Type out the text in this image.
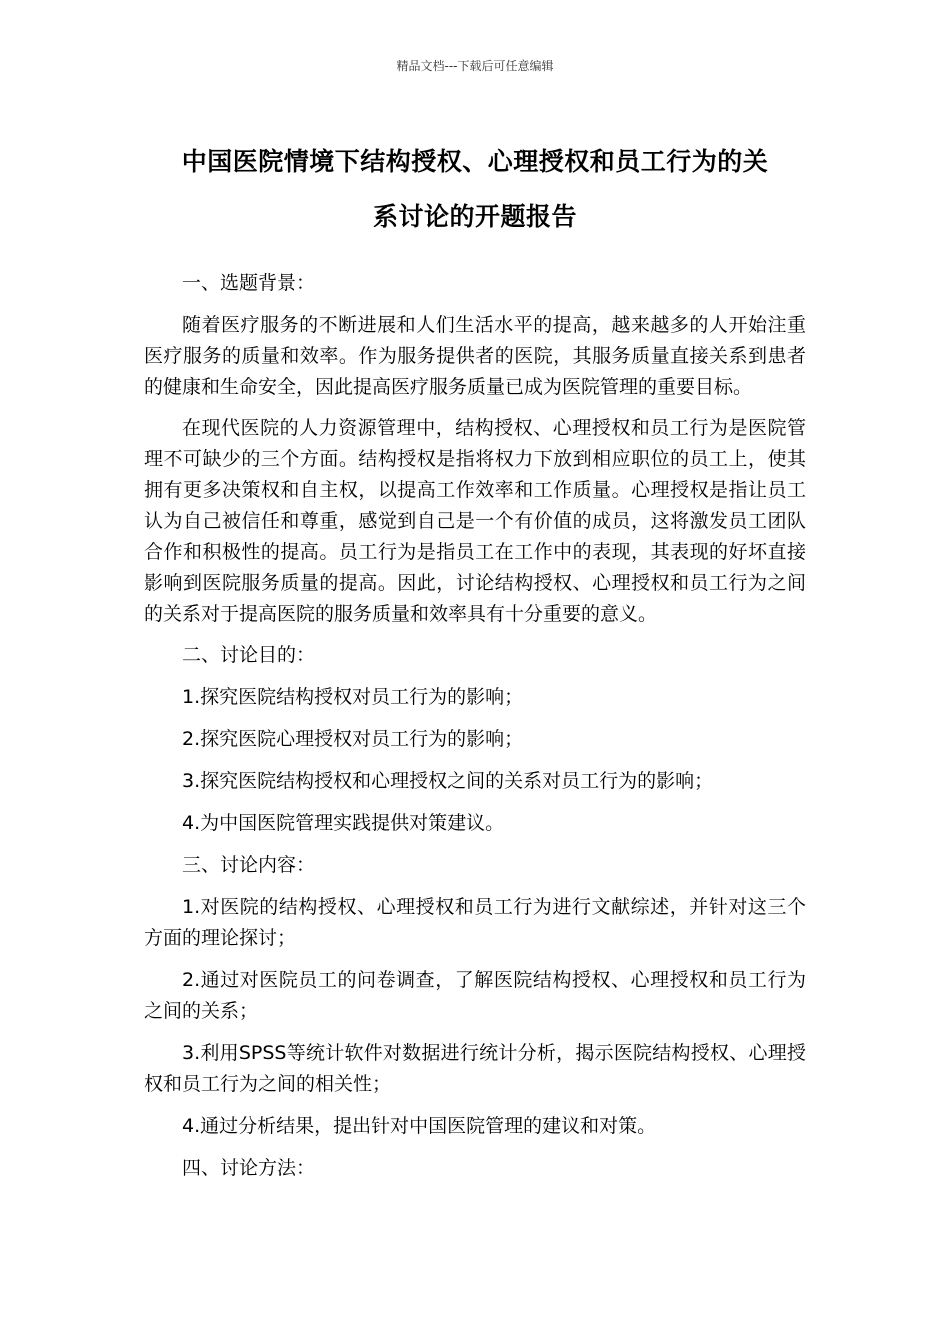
精品文档---下载后可任意编辑
中国医院情境下结构授权、心理授权和员工行为的关
系讨论的开题报告

一、选题背景：

随着医疗服务的不断进展和人们生活水平的提高，越来越多的人开始注重医疗服务的质量和效率。作为服务提供者的医院，其服务质量直接关系到患者的健康和生命安全，因此提高医疗服务质量已成为医院管理的重要目标。

在现代医院的人力资源管理中，结构授权、心理授权和员工行为是医院管理不可缺少的三个方面。结构授权是指将权力下放到相应职位的员工上，使其拥有更多决策权和自主权，以提高工作效率和工作质量。心理授权是指让员工认为自己被信任和尊重，感觉到自己是一个有价值的成员，这将激发员工团队合作和积极性的提高。员工行为是指员工在工作中的表现，其表现的好坏直接影响到医院服务质量的提高。因此，讨论结构授权、心理授权和员工行为之间的关系对于提高医院的服务质量和效率具有十分重要的意义。

二、讨论目的：

1.探究医院结构授权对员工行为的影响；

2.探究医院心理授权对员工行为的影响；

3.探究医院结构授权和心理授权之间的关系对员工行为的影响；

4.为中国医院管理实践提供对策建议。

三、讨论内容：

1.对医院的结构授权、心理授权和员工行为进行文献综述，并针对这三个方面的理论探讨；

2.通过对医院员工的问卷调查，了解医院结构授权、心理授权和员工行为之间的关系；

3.利用SPSS等统计软件对数据进行统计分析，揭示医院结构授权、心理授权和员工行为之间的相关性；

4.通过分析结果，提出针对中国医院管理的建议和对策。

四、讨论方法：
